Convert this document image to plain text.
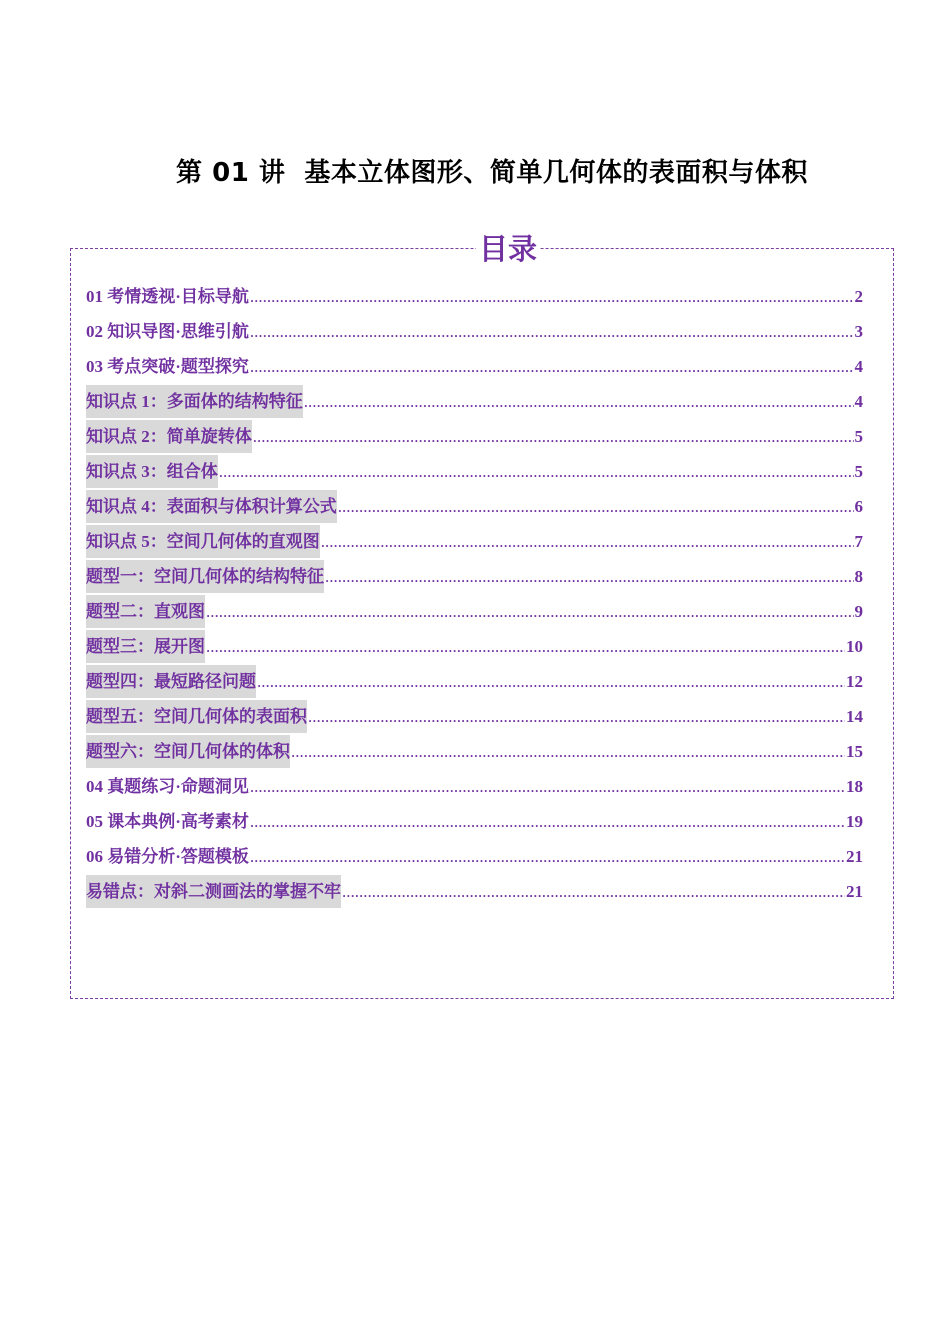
第 01 讲  基本立体图形、简单几何体的表面积与体积
目录
01 考情透视·目标导航 .....	2
02 知识导图·思维引航 .....	3
03 考点突破·题型探究 .....	4
知识点 1：多面体的结构特征 .....	4
知识点 2：简单旋转体 .....	5
知识点 3：组合体 .....	5
知识点 4：表面积与体积计算公式 .....	6
知识点 5：空间几何体的直观图 .....	7
题型一：空间几何体的结构特征 .....	8
题型二：直观图 .....	9
题型三：展开图 .....	10
题型四：最短路径问题 .....	12
题型五：空间几何体的表面积 .....	14
题型六：空间几何体的体积 .....	15
04 真题练习·命题洞见 .....	18
05 课本典例·高考素材 .....	19
06 易错分析·答题模板 .....	21
易错点：对斜二测画法的掌握不牢 .....	21
